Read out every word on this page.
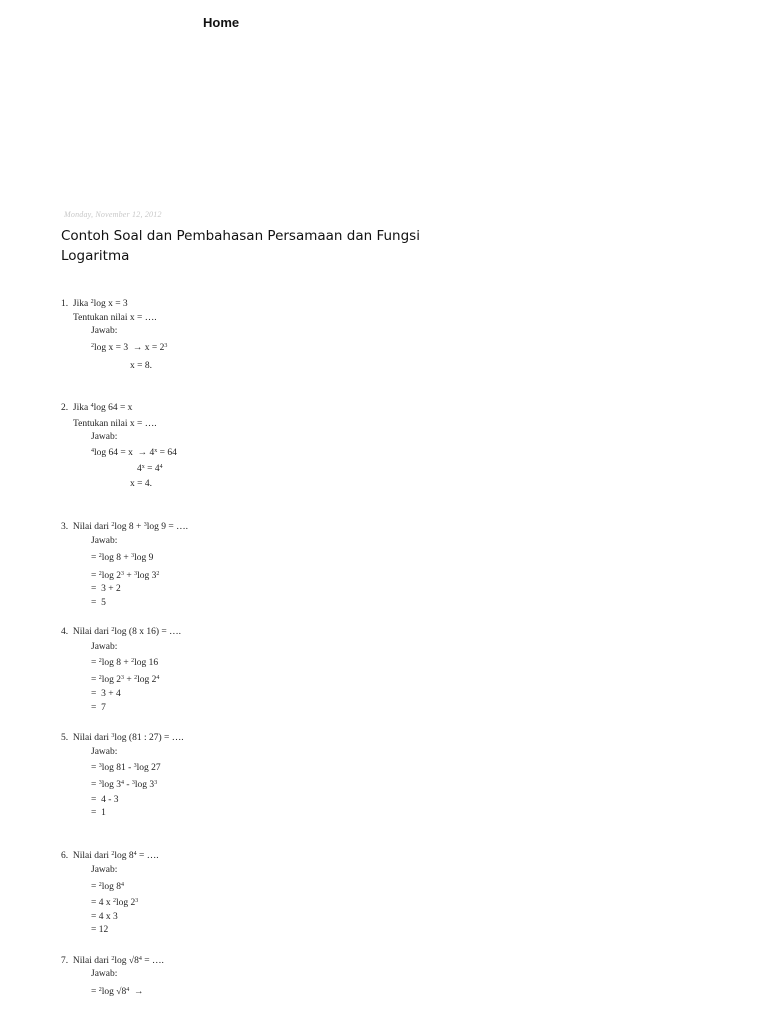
Home
Monday, November 12, 2012
Contoh Soal dan Pembahasan Persamaan dan Fungsi Logaritma
1.  Jika $^2$log x = 3
Tentukan nilai x = ….
Jawab:
$^2$log $x = 3 \to x = 2^3$
x = 8.
2.  Jika $^4$log 64 = x
Tentukan nilai x = ….
Jawab:
$^4$log $64 = x \to 4^x = 64$
$4^x = 4^4$
x = 4.
3.  Nilai dari $^2$log 8 + $^3$log 9 = ….
Jawab:
= $^2$log 8 + $^3$log 9
= $^2$log $2^3 + ^3\log$ $3^2$
=  3 + 2
=  5
4.  Nilai dari $^2$log (8 x 16) = ….
Jawab:
= $^2$log 8 + $^2$log 16
= $^2$log $2^3 + ^2\log$ $2^4$
=  3 + 4
=  7
5.  Nilai dari $^3$log (81 : 27) = ….
Jawab:
= $^3$log 81 - $^3$log 27
= $^3$log $3^4 - ^3\log$ $3^3$
=  4 - 3
=  1
6.  Nilai dari $^2$log $8^4$ = ….
Jawab:
= $^2$log $8^4$
= 4 x $^2$log $2^3$
= 4 x 3
= 12
7.  Nilai dari $^2$log $√8^4$ = ….
Jawab:
= $^2$log $√8^4$  →
